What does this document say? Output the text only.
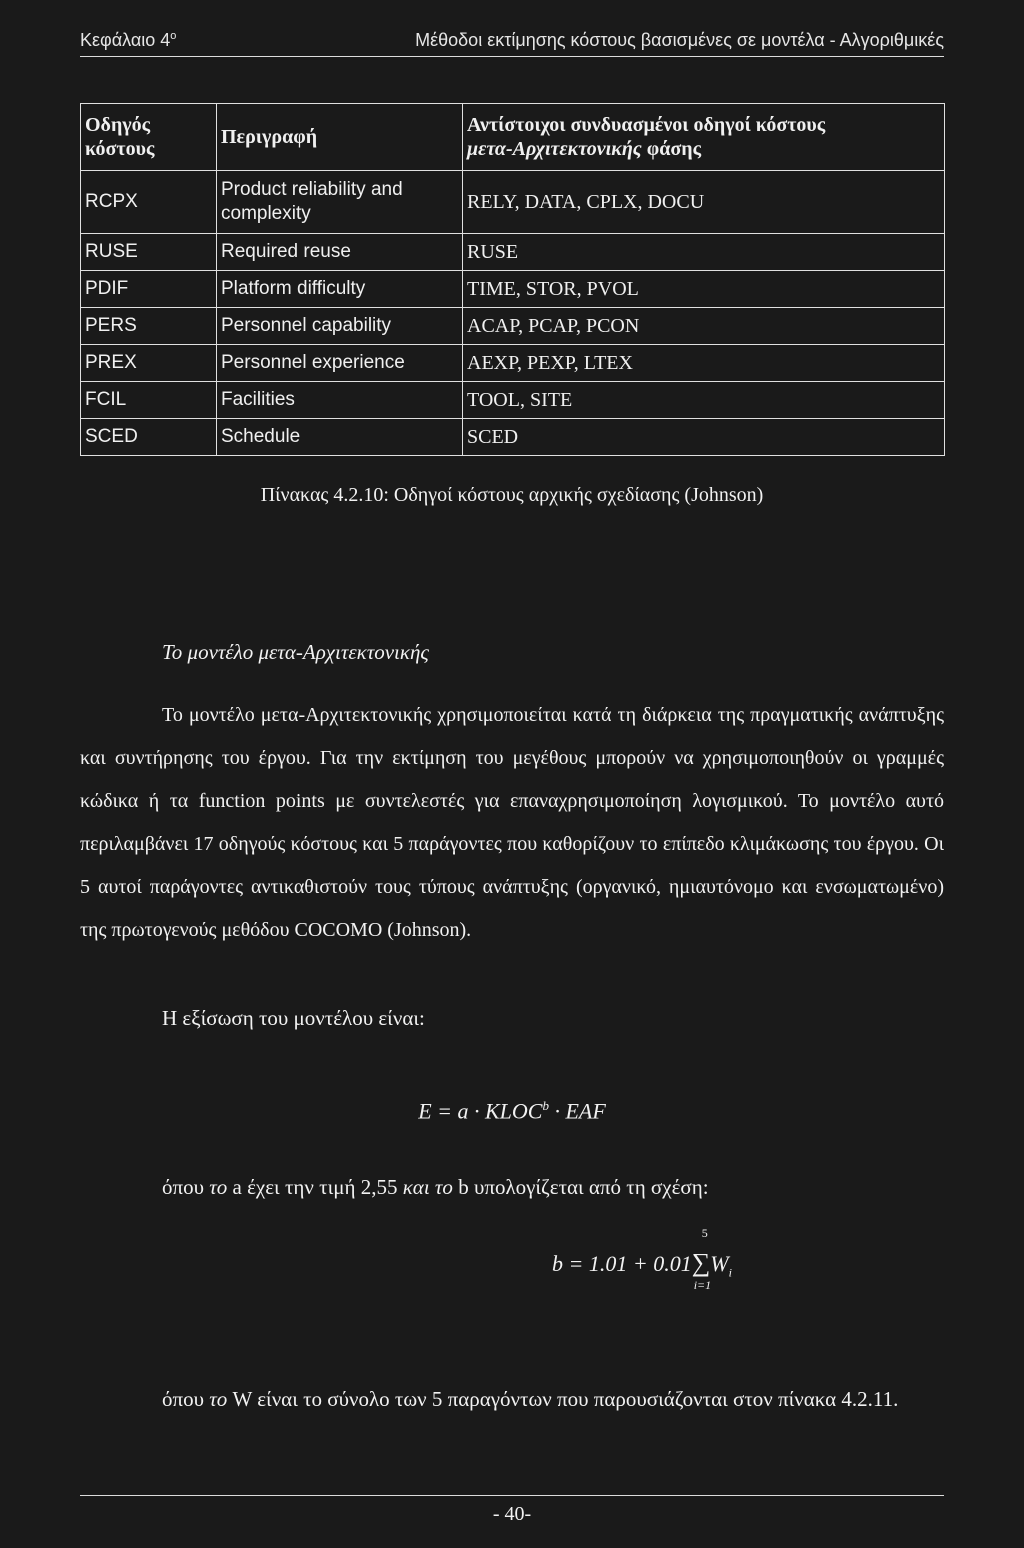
Κεφάλαιο $4^o$	Μέθοδοι εκτίμησης κόστους βασισμένες σε μοντέλα - Αλγοριθμικές
Οδηγός κόστους	Περιγραφή	Αντίστοιχοι συνδυασμένοι οδηγοί κόστους
μετα-Αρχιτεκτονικής φάσης
RCPX	Product reliability and complexity	RELY, DATA, CPLX, DOCU
RUSE	Required reuse	RUSE
PDIF	Platform difficulty	TIME, STOR, PVOL
PERS	Personnel capability	ACAP, PCAP, PCON
PREX	Personnel experience	AEXP, PEXP, LTEX
FCIL	Facilities	TOOL, SITE
SCED	Schedule	SCED
Πίνακας 4.2.10: Οδηγοί κόστους αρχικής σχεδίασης (Johnson)
Το μοντέλο μετα-Αρχιτεκτονικής
Το μοντέλο μετα-Αρχιτεκτονικής χρησιμοποιείται κατά τη διάρκεια της πραγματικής ανάπτυξης και συντήρησης του έργου. Για την εκτίμηση του μεγέθους μπορούν να χρησιμοποιηθούν οι γραμμές κώδικα ή τα function points με συντελεστές για επαναχρησιμοποίηση λογισμικού. Το μοντέλο αυτό περιλαμβάνει 17 οδηγούς κόστους και 5 παράγοντες που καθορίζουν το επίπεδο κλιμάκωσης του έργου. Οι 5 αυτοί παράγοντες αντικαθιστούν τους τύπους ανάπτυξης (οργανικό, ημιαυτόνομο και ενσωματωμένο) της πρωτογενούς μεθόδου COCOMO (Johnson).
Η εξίσωση του μοντέλου είναι:
$E = a \cdot KLOC^b$ · EAF
όπου το a έχει την τιμή 2,55 και το b υπολογίζεται από τη σχέση:
b = 1.01 + 0.01
5
∑
i=1
$W_i$
όπου το W είναι το σύνολο των 5 παραγόντων που παρουσιάζονται στον πίνακα 4.2.11.
- 40-
